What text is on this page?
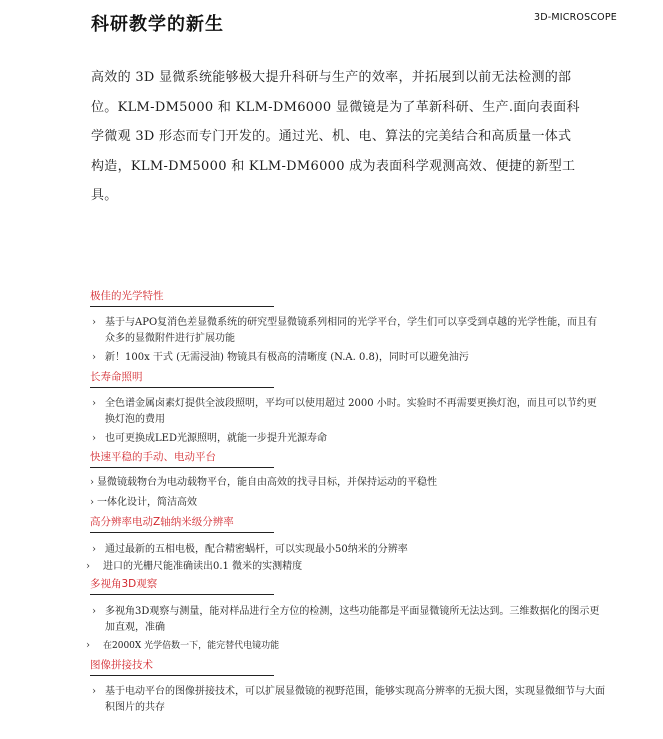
科研教学的新生	3D-MICROSCOPE

高效的 3D 显微系统能够极大提升科研与生产的效率，并拓展到以前无法检测的部位。KLM-DM5000 和 KLM-DM6000 显微镜是为了革新科研、生产.面向表面科学微观 3D 形态而专门开发的。通过光、机、电、算法的完美结合和高质量一体式构造，KLM-DM5000 和 KLM-DM6000 成为表面科学观测高效、便捷的新型工具。

极佳的光学特性
› 基于与APO复消色差显微系统的研究型显微镜系列相同的光学平台，学生们可以享受到卓越的光学性能，而且有众多的显微附件进行扩展功能
› 新！100x 干式 (无需浸油) 物镜具有极高的清晰度 (N.A. 0.8)，同时可以避免油污
长寿命照明
› 全色谱金属卤素灯提供全波段照明，平均可以使用超过 2000 小时。实验时不再需要更换灯泡，而且可以节约更换灯泡的费用
› 也可更换成LED光源照明，就能一步提升光源寿命
快速平稳的手动、电动平台
› 显微镜载物台为电动载物平台，能自由高效的找寻目标，并保持运动的平稳性
› 一体化设计，简洁高效
高分辨率电动Z轴纳米级分辨率
› 通过最新的五相电极，配合精密蜗杆，可以实现最小50纳米的分辨率
› 进口的光栅尺能准确读出0.1 微米的实测精度
多视角3D观察
› 多视角3D观察与测量，能对样品进行全方位的检测，这些功能都是平面显微镜所无法达到。三维数据化的图示更加直观，准确
› 在2000X 光学倍数一下，能完替代电镜功能
图像拼接技术
› 基于电动平台的图像拼接技术，可以扩展显微镜的视野范围，能够实现高分辨率的无损大图，实现显微细节与大面积图片的共存
